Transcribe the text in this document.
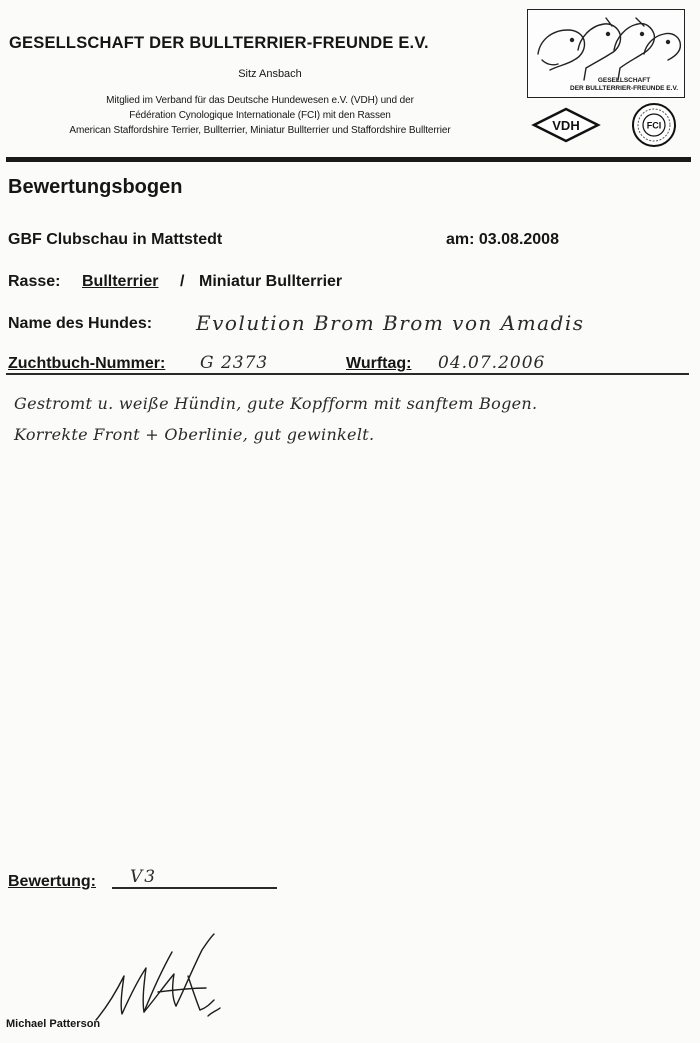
GESELLSCHAFT DER BULLTERRIER-FREUNDE E.V.
Sitz Ansbach
Mitglied im Verband für das Deutsche Hundewesen e.V. (VDH) und der
Fédération Cynologique Internationale (FCI) mit den Rassen
American Staffordshire Terrier, Bullterrier, Miniatur Bullterrier und Staffordshire Bullterrier
GESELLSCHAFT
DER BULLTERRIER-FREUNDE E.V.
VDH	FCI
Bewertungsbogen
GBF Clubschau in Mattstedt	am: 03.08.2008
Rasse: Bullterrier / Miniatur Bullterrier
Name des Hundes: Evolution Brom Brom von Amadis
Zuchtbuch-Nummer: G 2373	Wurftag: 04.07.2006
Gestromt u. weiße Hündin, gute Kopfform mit sanftem Bogen.
Korrekte Front + Oberlinie, gut gewinkelt.
Bewertung: V3
Michael Patterson
